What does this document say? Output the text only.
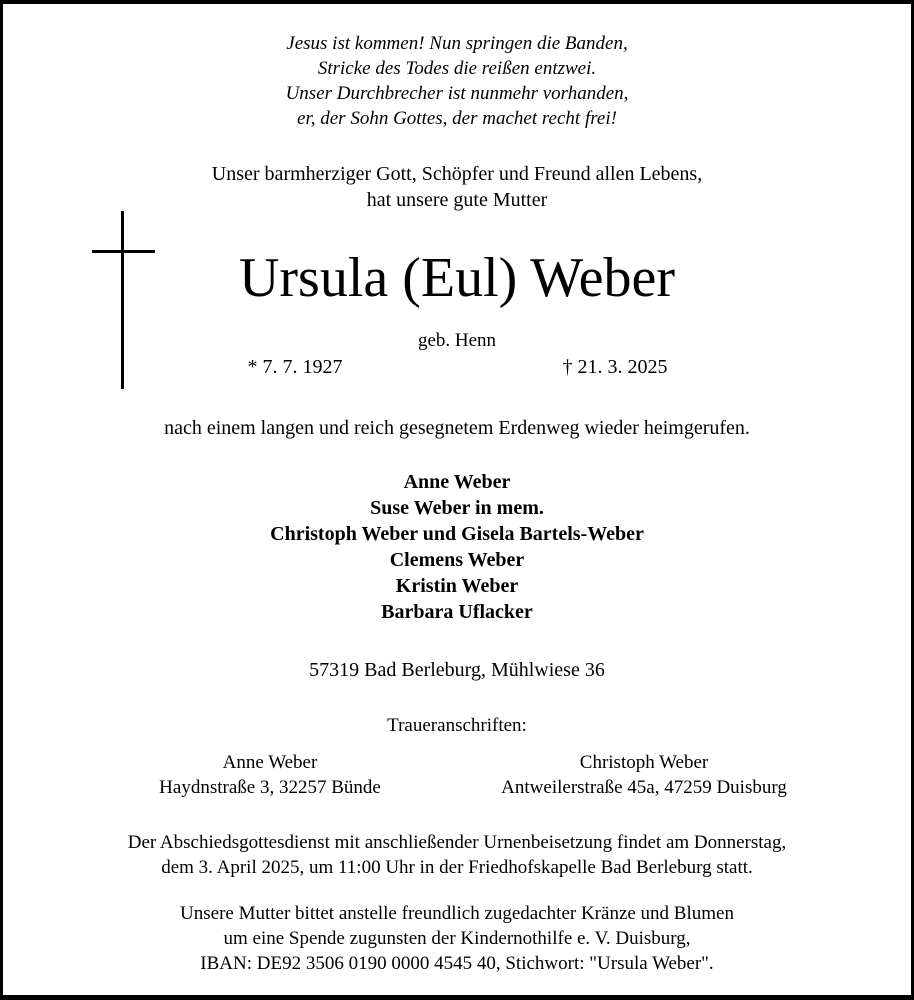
Jesus ist kommen! Nun springen die Banden,

Stricke des Todes die reißen entzwei.

Unser Durchbrecher ist nunmehr vorhanden,

er, der Sohn Gottes, der machet recht frei!

Unser barmherziger Gott, Schöpfer und Freund allen Lebens,

hat unsere gute Mutter

Ursula (Eul) Weber

geb. Henn

* 7. 7. 1927	† 21. 3. 2025

nach einem langen und reich gesegnetem Erdenweg wieder heimgerufen.

Anne Weber

Suse Weber in mem.

Christoph Weber und Gisela Bartels-Weber

Clemens Weber

Kristin Weber

Barbara Uflacker

57319 Bad Berleburg, Mühlwiese 36

Traueranschriften:

Anne Weber
Haydnstraße 3, 32257 Bünde
Christoph Weber
Antweilerstraße 45a, 47259 Duisburg

Der Abschiedsgottesdienst mit anschließender Urnenbeisetzung findet am Donnerstag,

dem 3. April 2025, um 11:00 Uhr in der Friedhofskapelle Bad Berleburg statt.

Unsere Mutter bittet anstelle freundlich zugedachter Kränze und Blumen

um eine Spende zugunsten der Kindernothilfe e. V. Duisburg,

IBAN: DE92 3506 0190 0000 4545 40, Stichwort: "Ursula Weber".
